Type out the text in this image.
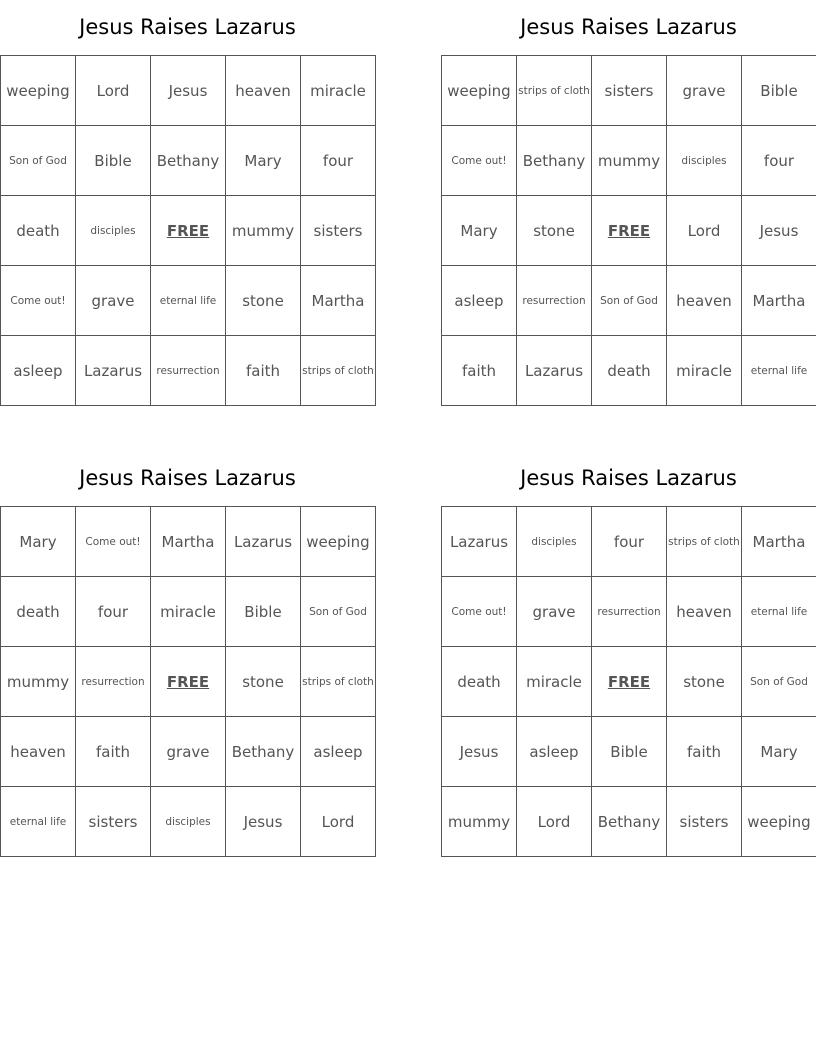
Jesus Raises Lazarus
weeping	Lord	Jesus	heaven	miracle
Son of God	Bible	Bethany	Mary	four
death	disciples	FREE	mummy	sisters
Come out!	grave	eternal life	stone	Martha
asleep	Lazarus	resurrection	faith	strips of cloth
Jesus Raises Lazarus
weeping	strips of cloth	sisters	grave	Bible
Come out!	Bethany	mummy	disciples	four
Mary	stone	FREE	Lord	Jesus
asleep	resurrection	Son of God	heaven	Martha
faith	Lazarus	death	miracle	eternal life
Jesus Raises Lazarus
Mary	Come out!	Martha	Lazarus	weeping
death	four	miracle	Bible	Son of God
mummy	resurrection	FREE	stone	strips of cloth
heaven	faith	grave	Bethany	asleep
eternal life	sisters	disciples	Jesus	Lord
Jesus Raises Lazarus
Lazarus	disciples	four	strips of cloth	Martha
Come out!	grave	resurrection	heaven	eternal life
death	miracle	FREE	stone	Son of God
Jesus	asleep	Bible	faith	Mary
mummy	Lord	Bethany	sisters	weeping
